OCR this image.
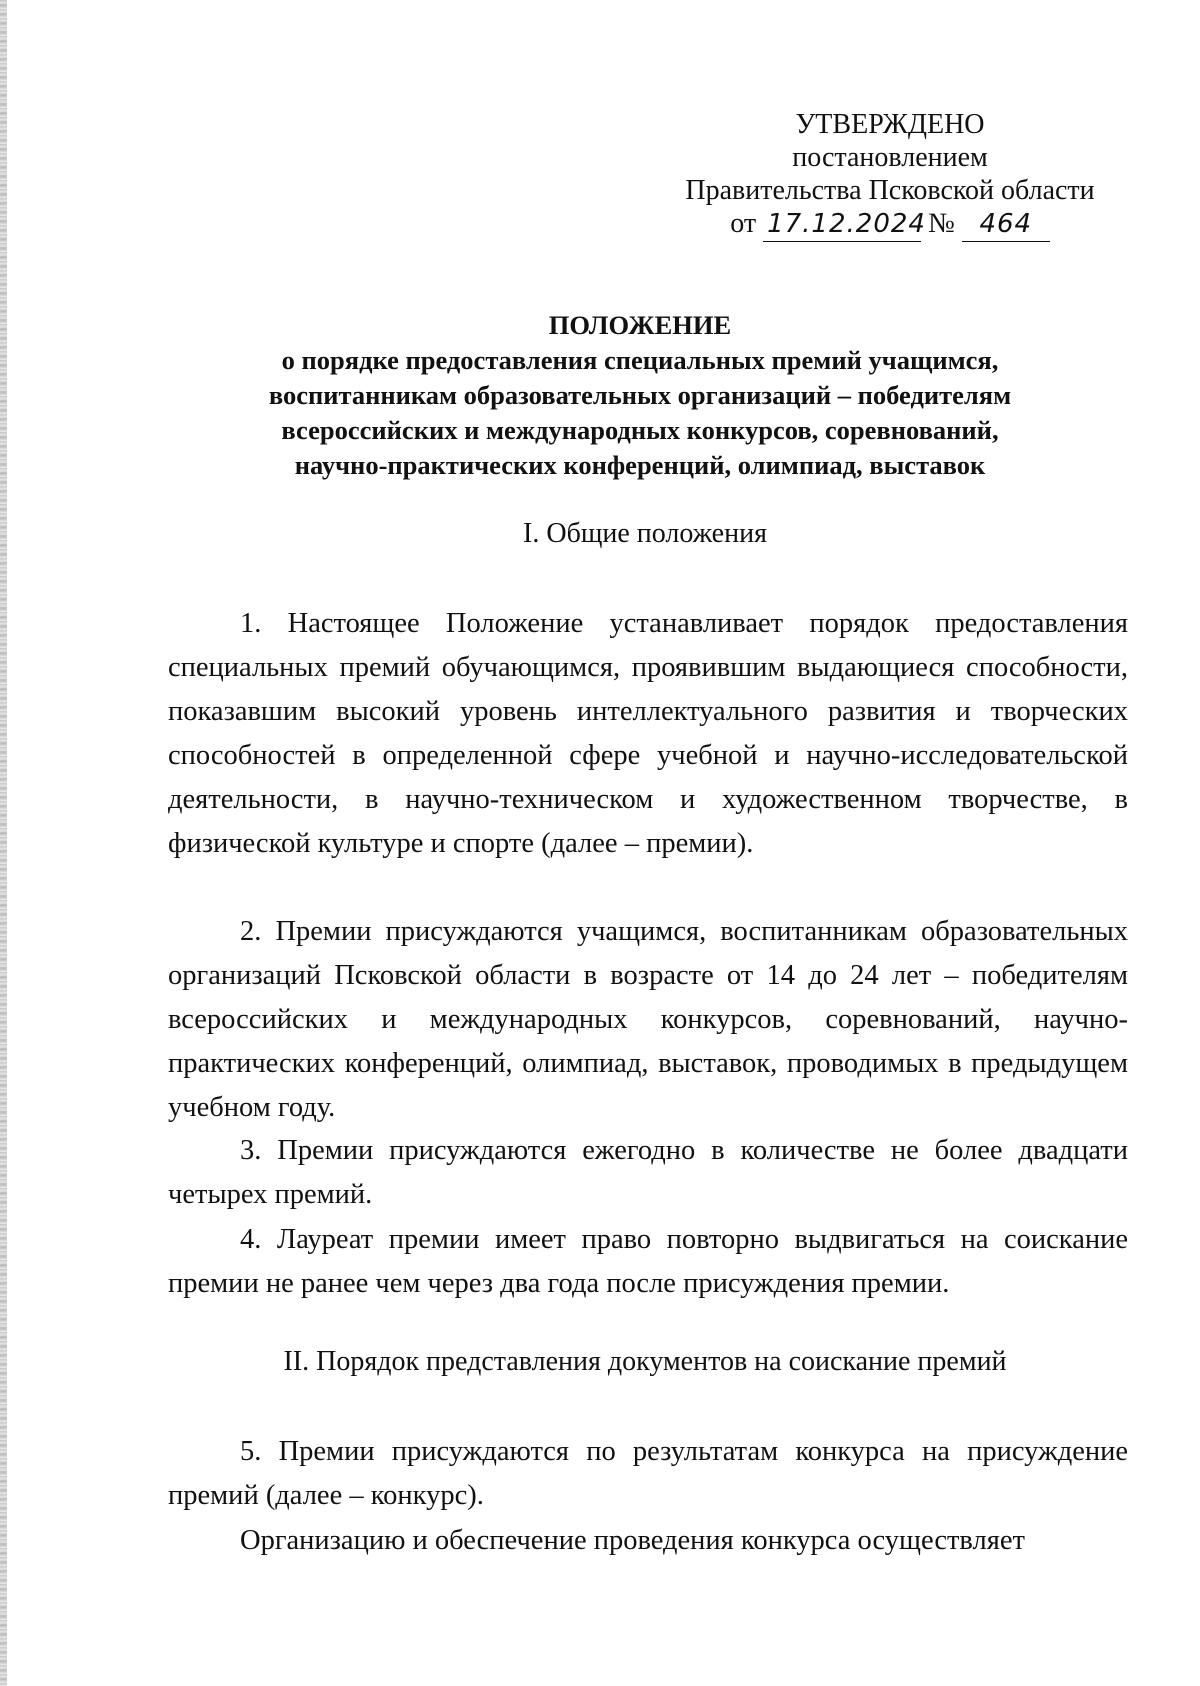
УТВЕРЖДЕНО
постановлением
Правительства Псковской области
от 17.12.2024 № 464
ПОЛОЖЕНИЕ
о порядке предоставления специальных премий учащимся,
воспитанникам образовательных организаций – победителям
всероссийских и международных конкурсов, соревнований,
научно-практических конференций, олимпиад, выставок
I. Общие положения
1. Настоящее Положение устанавливает порядок предоставления специальных премий обучающимся, проявившим выдающиеся способности, показавшим высокий уровень интеллектуального развития и творческих способностей в определенной сфере учебной и научно-исследовательской деятельности, в научно-техническом и художественном творчестве, в физической культуре и спорте (далее – премии).
2. Премии присуждаются учащимся, воспитанникам образовательных организаций Псковской области в возрасте от 14 до 24 лет – победителям всероссийских и международных конкурсов, соревнований, научно-практических конференций, олимпиад, выставок, проводимых в предыдущем учебном году.
3. Премии присуждаются ежегодно в количестве не более двадцати четырех премий.
4. Лауреат премии имеет право повторно выдвигаться на соискание премии не ранее чем через два года после присуждения премии.
II. Порядок представления документов на соискание премий
5. Премии присуждаются по результатам конкурса на присуждение премий (далее – конкурс).
Организацию и обеспечение проведения конкурса осуществляет
